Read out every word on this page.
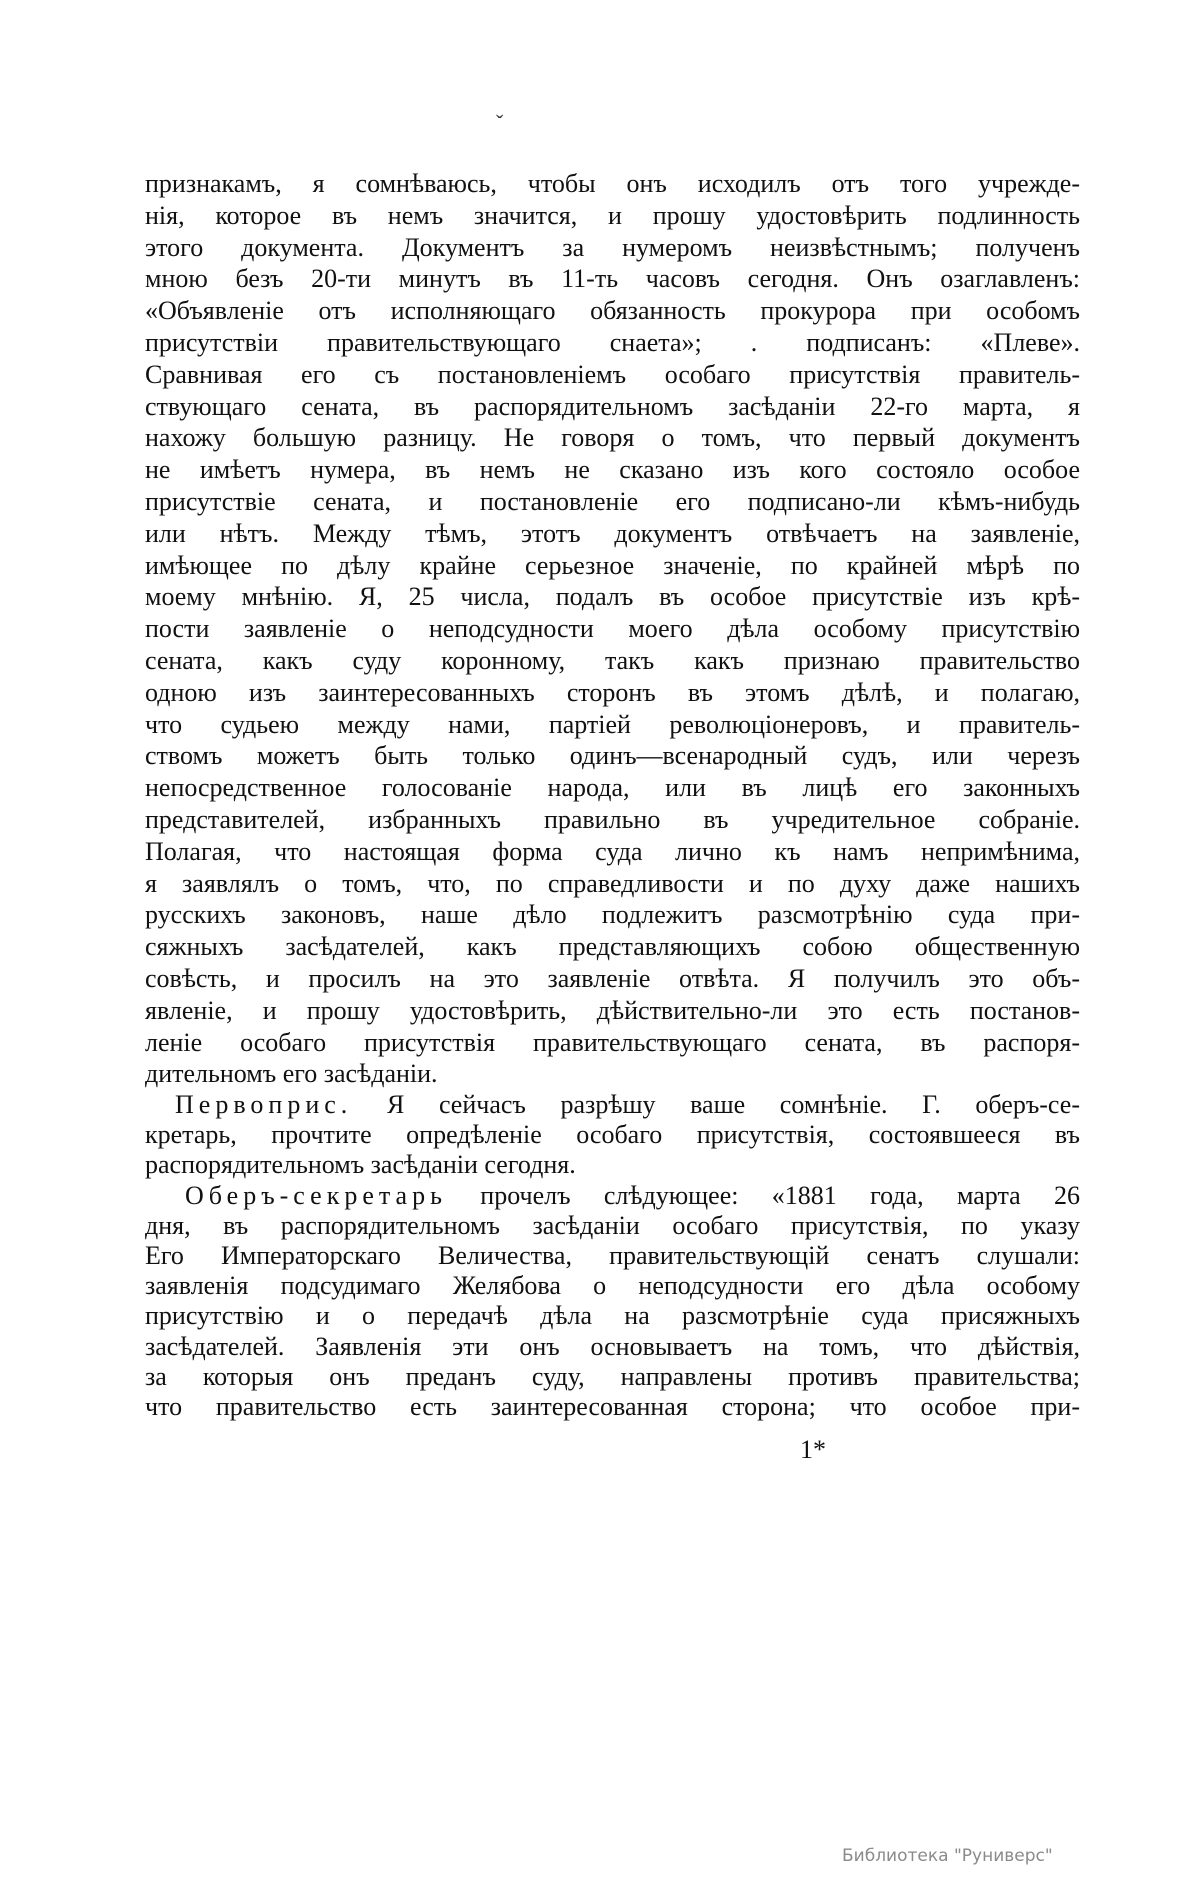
ˇ
признакамъ, я сомнѣваюсь, чтобы онъ исходилъ отъ того учрежде-
нія, которое въ немъ значится, и прошу удостовѣрить подлинность
этого документа. Документъ за нумеромъ неизвѣстнымъ; полученъ
мною безъ 20-ти минутъ въ 11-ть часовъ сегодня. Онъ озаглавленъ:
«Объявленіе отъ исполняющаго обязанность прокурора при особомъ
присутствіи правительствующаго снаета»; . подписанъ: «Плеве».
Сравнивая его съ постановленіемъ особаго присутствія правитель-
ствующаго сената, въ распорядительномъ засѣданіи 22-го марта, я
нахожу большую разницу. Не говоря о томъ, что первый документъ
не имѣетъ нумера, въ немъ не сказано изъ кого состояло особое
присутствіе сената, и постановленіе его подписано-ли кѣмъ-нибудь
или нѣтъ. Между тѣмъ, этотъ документъ отвѣчаетъ на заявленіе,
имѣющее по дѣлу крайне серьезное значеніе, по крайней мѣрѣ по
моему мнѣнію. Я, 25 числа, подалъ въ особое присутствіе изъ крѣ-
пости заявленіе о неподсудности моего дѣла особому присутствію
сената, какъ суду коронному, такъ какъ признаю правительство
одною изъ заинтересованныхъ сторонъ въ этомъ дѣлѣ, и полагаю,
что судьею между нами, партіей революціонеровъ, и правитель-
ствомъ можетъ быть только одинъ—всенародный судъ, или черезъ
непосредственное голосованіе народа, или въ лицѣ его законныхъ
представителей, избранныхъ правильно въ учредительное собраніе.
Полагая, что настоящая форма суда лично къ намъ непримѣнима,
я заявлялъ о томъ, что, по справедливости и по духу даже нашихъ
русскихъ законовъ, наше дѣло подлежитъ разсмотрѣнію суда при-
сяжныхъ засѣдателей, какъ представляющихъ собою общественную
совѣсть, и просилъ на это заявленіе отвѣта. Я получилъ это объ-
явленіе, и прошу удостовѣрить, дѣйствительно-ли это есть постанов-
леніе особаго присутствія правительствующаго сената, въ распоря-
дительномъ его засѣданіи.
Первоприс. Я сейчасъ разрѣшу ваше сомнѣніе. Г. оберъ-се-
кретарь, прочтите опредѣленіе особаго присутствія, состоявшееся въ
распорядительномъ засѣданіи сегодня.
Оберъ-секретарь прочелъ слѣдующее: «1881 года, марта 26
дня, въ распорядительномъ засѣданіи особаго присутствія, по указу
Его Императорскаго Величества, правительствующій сенатъ слушали:
заявленія подсудимаго Желябова о неподсудности его дѣла особому
присутствію и о передачѣ дѣла на разсмотрѣніе суда присяжныхъ
засѣдателей. Заявленія эти онъ основываетъ на томъ, что дѣйствія,
за которыя онъ преданъ суду, направлены противъ правительства;
что правительство есть заинтересованная сторона; что особое при-
1*
Библиотека "Руниверс"
